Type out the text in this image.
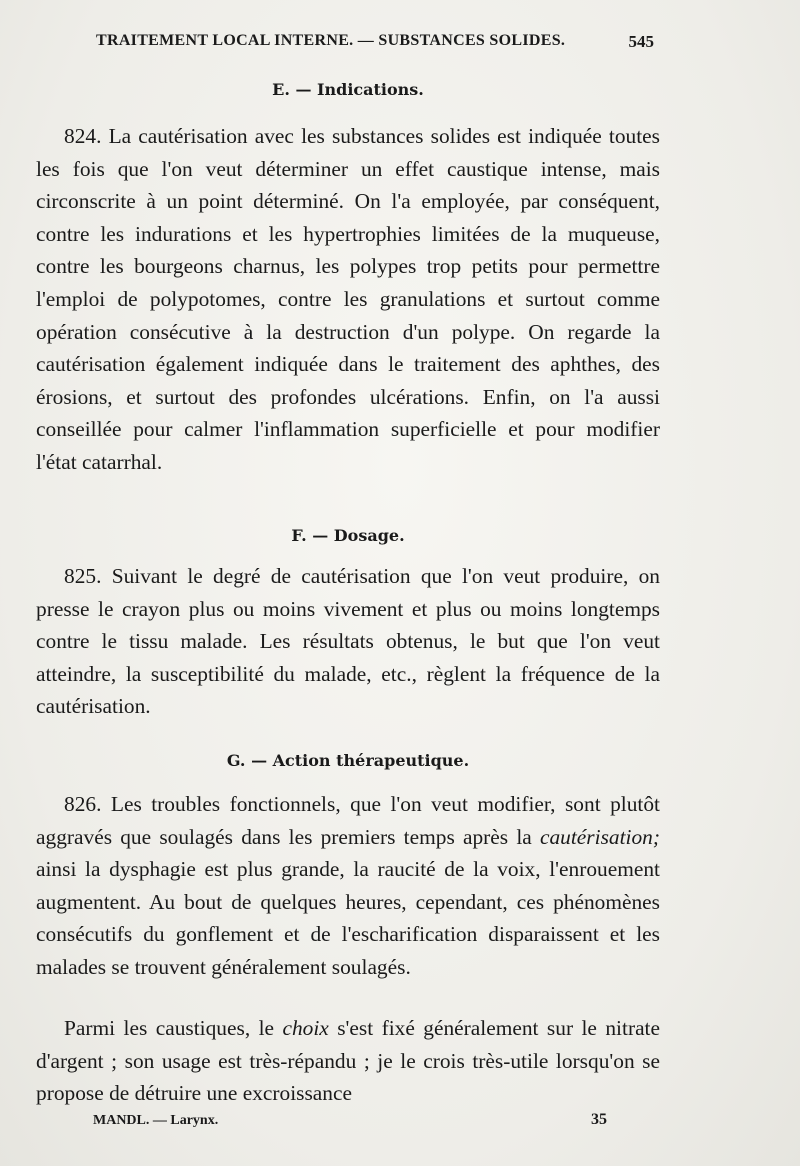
TRAITEMENT LOCAL INTERNE. — SUBSTANCES SOLIDES.	545
E. — Indications.

824. La cautérisation avec les substances solides est indiquée toutes les fois que l'on veut déterminer un effet caustique intense, mais circonscrite à un point déterminé. On l'a employée, par conséquent, contre les indurations et les hypertrophies limitées de la muqueuse, contre les bourgeons charnus, les polypes trop petits pour permettre l'emploi de polypotomes, contre les granulations et surtout comme opération consécutive à la destruction d'un polype. On regarde la cautérisation également indiquée dans le traitement des aphthes, des érosions, et surtout des profondes ulcérations. Enfin, on l'a aussi conseillée pour calmer l'inflammation superficielle et pour modifier l'état catarrhal.

F. — Dosage.

825. Suivant le degré de cautérisation que l'on veut produire, on presse le crayon plus ou moins vivement et plus ou moins longtemps contre le tissu malade. Les résultats obtenus, le but que l'on veut atteindre, la susceptibilité du malade, etc., règlent la fréquence de la cautérisation.

G. — Action thérapeutique.

826. Les troubles fonctionnels, que l'on veut modifier, sont plutôt aggravés que soulagés dans les premiers temps après la cautérisation; ainsi la dysphagie est plus grande, la raucité de la voix, l'enrouement augmentent. Au bout de quelques heures, cependant, ces phénomènes consécutifs du gonflement et de l'escharification disparaissent et les malades se trouvent généralement soulagés.

Parmi les caustiques, le choix s'est fixé généralement sur le nitrate d'argent ; son usage est très-répandu ; je le crois très-utile lorsqu'on se propose de détruire une excroissance

MANDL. — Larynx.	35
